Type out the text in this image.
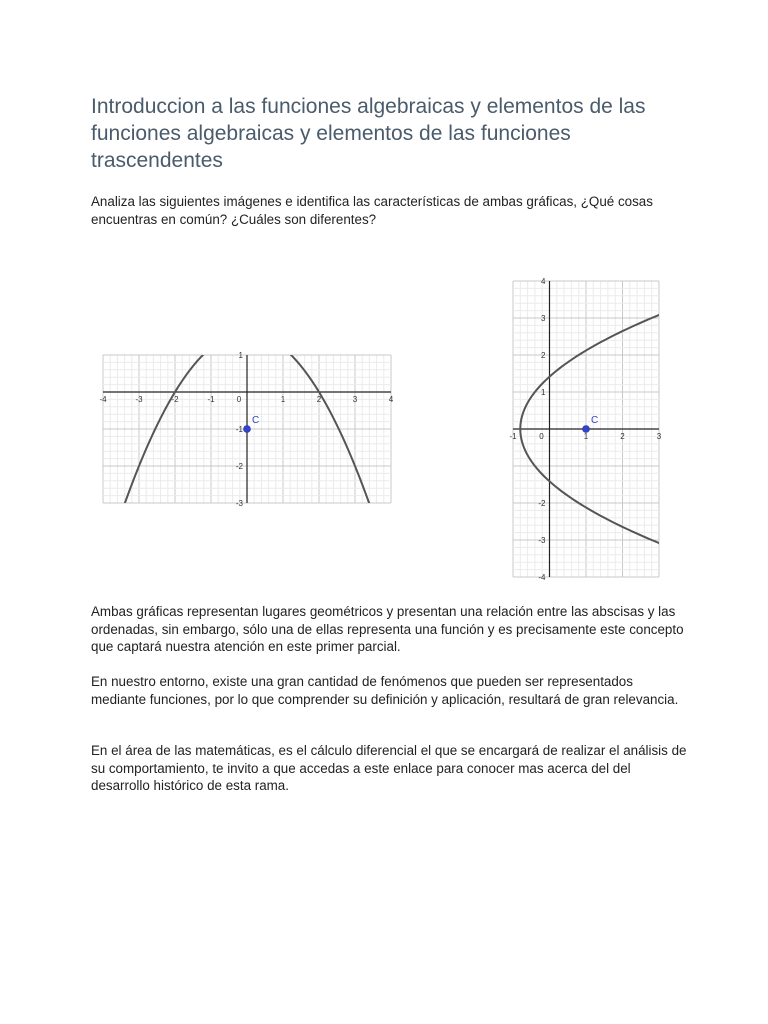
Introduccion a las funciones algebraicas y elementos de las funciones algebraicas y elementos de las funciones trascendentes

Analiza las siguientes imágenes e identifica las características de ambas gráficas, ¿Qué cosas encuentras en común? ¿Cuáles son diferentes?

-4	-3	-2	-1	0	1	2	3	4
1
-1
-2
-3
C
-1	0	1	2	3
4
3
2
1
-2
-3
-4
C

Ambas gráficas representan lugares geométricos y presentan una relación entre las abscisas y las ordenadas, sin embargo, sólo una de ellas representa una función y es precisamente este concepto que captará nuestra atención en este primer parcial.

En nuestro entorno, existe una gran cantidad de fenómenos que pueden ser representados mediante funciones, por lo que comprender su definición y aplicación, resultará de gran relevancia.

En el área de las matemáticas, es el cálculo diferencial el que se encargará de realizar el análisis de su comportamiento, te invito a que accedas a este enlace para conocer mas acerca del del desarrollo histórico de esta rama.
